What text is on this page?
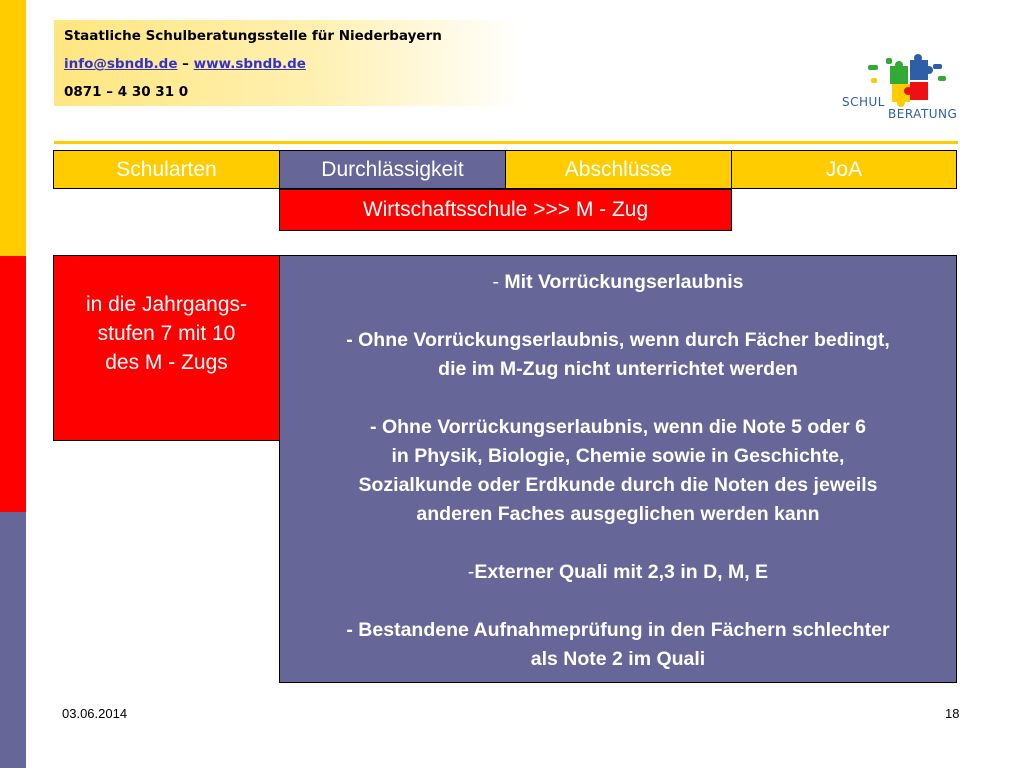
Staatliche Schulberatungsstelle für Niederbayern
info@sbndb.de – www.sbndb.de
0871 – 4 30 31 0
SCHUL
BERATUNG
Schularten	Durchlässigkeit	Abschlüsse	JoA
Wirtschaftsschule >>> M - Zug
in die Jahrgangs-
stufen 7 mit 10
des M - Zugs

- Mit Vorrückungserlaubnis

- Ohne Vorrückungserlaubnis, wenn durch Fächer bedingt,

die im M-Zug nicht unterrichtet werden

- Ohne Vorrückungserlaubnis, wenn die Note 5 oder 6

in Physik, Biologie, Chemie sowie in Geschichte,

Sozialkunde oder Erdkunde durch die Noten des jeweils

anderen Faches ausgeglichen werden kann

-Externer Quali mit 2,3 in D, M, E

- Bestandene Aufnahmeprüfung in den Fächern schlechter

als Note 2 im Quali

03.06.2014	18
